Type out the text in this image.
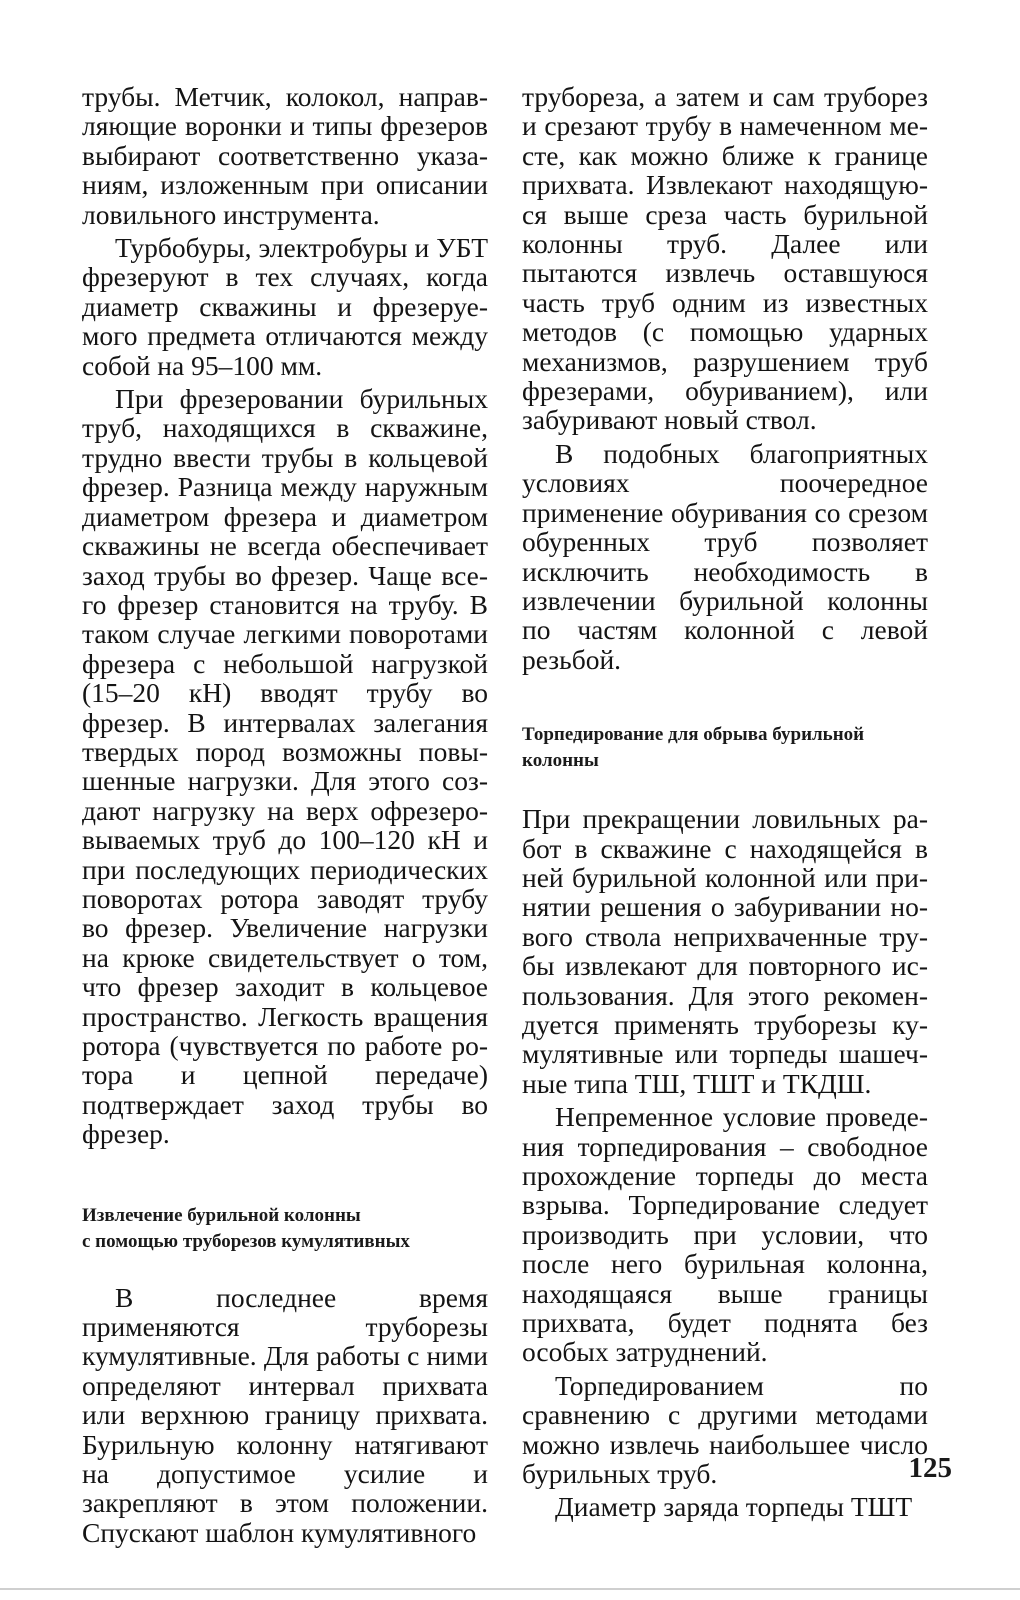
трубы. Метчик, колокол, направляющие воронки и типы фрезеров выбирают соответственно указаниям, изложенным при описании ловильного инструмента.

Турбобуры, электробуры и УБТ фрезеруют в тех случаях, когда диаметр скважины и фрезеруемого предмета отличаются между собой на 95–100 мм.

При фрезеровании бурильных труб, находящихся в скважине, трудно ввести трубы в кольцевой фрезер. Разница между наружным диаметром фрезера и диаметром скважины не всегда обеспечивает заход трубы во фрезер. Чаще всего фрезер становится на трубу. В таком случае легкими поворотами фрезера с небольшой нагрузкой (15–20 кН) вводят трубу во фрезер. В интервалах залегания твердых пород возможны повышенные нагрузки. Для этого создают нагрузку на верх офрезеровываемых труб до 100–120 кН и при последующих периодических поворотах ротора заводят трубу во фрезер. Увеличение нагрузки на крюке свидетельствует о том, что фрезер заходит в кольцевое пространство. Легкость вращения ротора (чувствуется по работе ротора и цепной передаче) подтверждает заход трубы во фрезер.

Извлечение бурильной колонны
с помощью труборезов кумулятивных

В последнее время применяются труборезы кумулятивные. Для работы с ними определяют интервал прихвата или верхнюю границу прихвата. Бурильную колонну натягивают на допустимое усилие и закрепляют в этом положении. Спускают шаблон кумулятивного

трубореза, а затем и сам труборез и срезают трубу в намеченном месте, как можно ближе к границе прихвата. Извлекают находящуюся выше среза часть бурильной колонны труб. Далее или пытаются извлечь оставшуюся часть труб одним из известных методов (с помощью ударных механизмов, разрушением труб фрезерами, обуриванием), или забуривают новый ствол.

В подобных благоприятных условиях поочередное применение обуривания со срезом обуренных труб позволяет исключить необходимость в извлечении бурильной колонны по частям колонной с левой резьбой.

Торпедирование для обрыва бурильной
колонны

При прекращении ловильных работ в скважине с находящейся в ней бурильной колонной или принятии решения о забуривании нового ствола неприхваченные трубы извлекают для повторного использования. Для этого рекомендуется применять труборезы кумулятивные или торпеды шашечные типа ТШ, ТШТ и ТКДШ.

Непременное условие проведения торпедирования – свободное прохождение торпеды до места взрыва. Торпедирование следует производить при условии, что после него бурильная колонна, находящаяся выше границы прихвата, будет поднята без особых затруднений.

Торпедированием по сравнению с другими методами можно извлечь наибольшее число бурильных труб.

Диаметр заряда торпеды ТШТ

125
